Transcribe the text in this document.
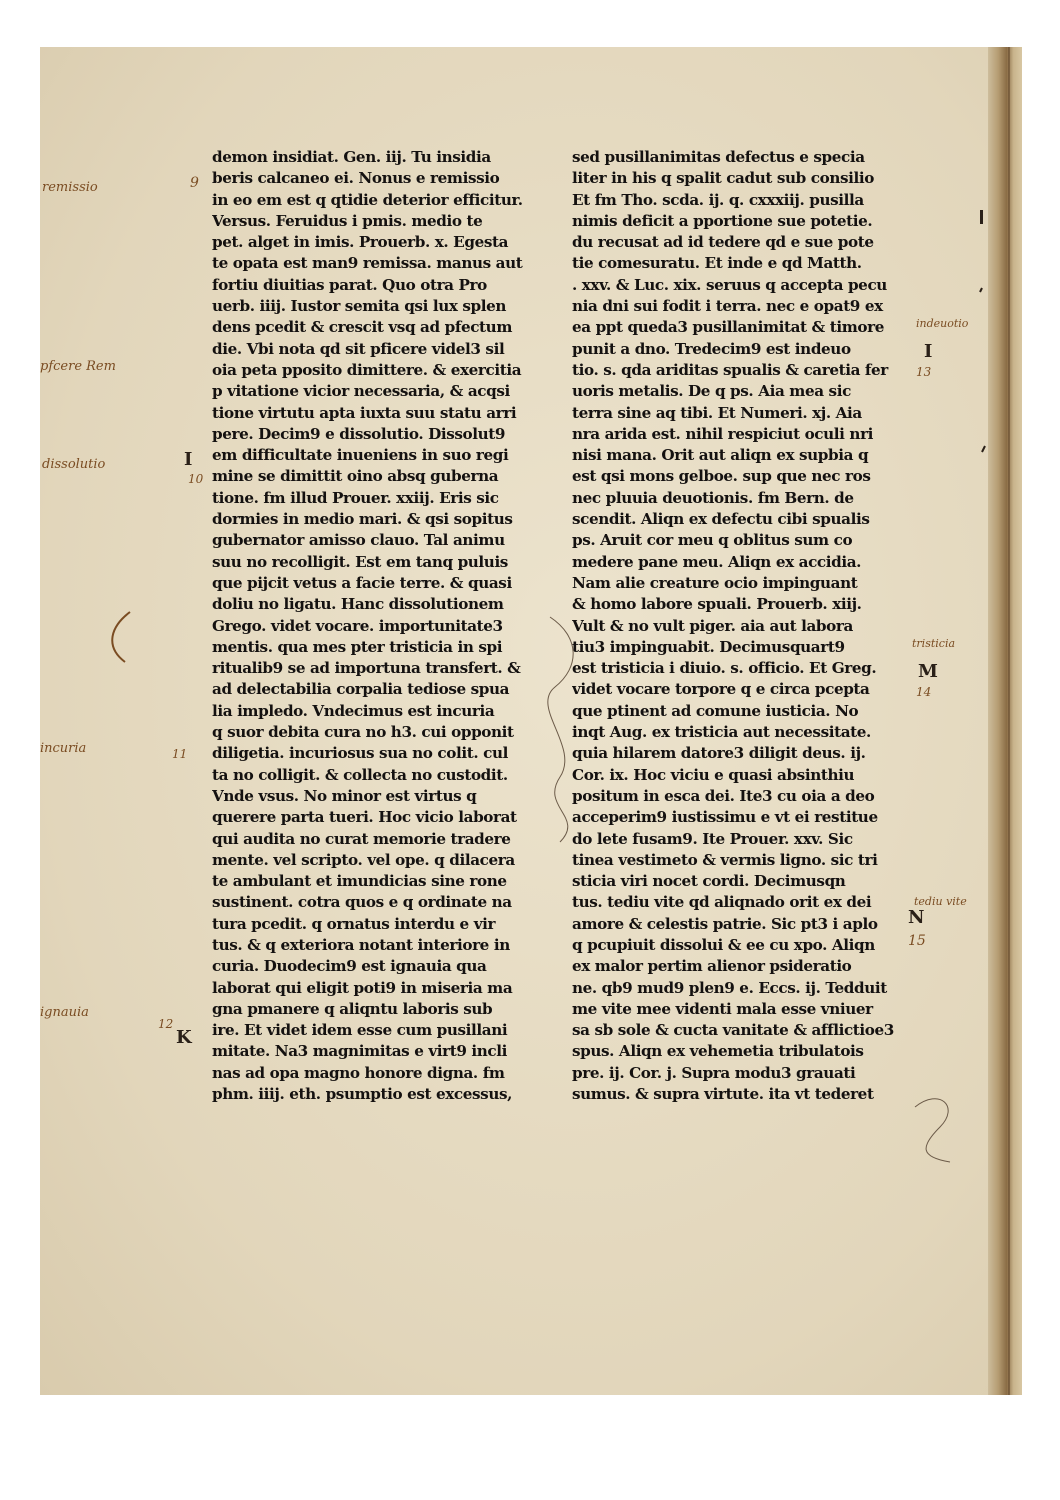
demon insidiat. Gen. iij. Tu insidia
beris calcaneo ei. Nonus e remissio
in eo em est q qtidie deterior efficitur.
Versus. Feruidus i pmis. medio te
pet. alget in imis. Prouerb. x. Egesta
te opata est man9 remissa. manus aut
fortiu diuitias parat. Quo otra Pro
uerb. iiij. Iustor semita qsi lux splen
dens pcedit & crescit vsq ad pfectum
die. Vbi nota qd sit pficere videl3 sil
oia peta pposito dimittere. & exercitia
p vitatione vicior necessaria, & acqsi
tione virtutu apta iuxta suu statu arri
pere. Decim9 e dissolutio. Dissolut9
em difficultate inueniens in suo regi
mine se dimittit oino absq guberna
tione. fm illud Prouer. xxiij. Eris sic
dormies in medio mari. & qsi sopitus
gubernator amisso clauo. Tal animu
suu no recolligit. Est em tanq puluis
que pijcit vetus a facie terre. & quasi
doliu no ligatu. Hanc dissolutionem
Grego. videt vocare. importunitate3
mentis. qua mes pter tristicia in spi
ritualib9 se ad importuna transfert. &
ad delectabilia corpalia tediose spua
lia impledo. Vndecimus est incuria
q suor debita cura no h3. cui opponit
diligetia. incuriosus sua no colit. cul
ta no colligit. & collecta no custodit.
Vnde vsus. No minor est virtus q
querere parta tueri. Hoc vicio laborat
qui audita no curat memorie tradere
mente. vel scripto. vel ope. q dilacera
te ambulant et imundicias sine rone
sustinent. cotra quos e q ordinate na
tura pcedit. q ornatus interdu e vir
tus. & q exteriora notant interiore in
curia. Duodecim9 est ignauia qua
laborat qui eligit poti9 in miseria ma
gna pmanere q aliqntu laboris sub
ire. Et videt idem esse cum pusillani
mitate. Na3 magnimitas e virt9 incli
nas ad opa magno honore digna. fm
phm. iiij. eth. psumptio est excessus,
sed pusillanimitas defectus e specia
liter in his q spalit cadut sub consilio
Et fm Tho. scda. ij. q. cxxxiij. pusilla
nimis deficit a pportione sue potetie.
du recusat ad id tedere qd e sue pote
tie comesuratu. Et inde e qd Matth.
. xxv. & Luc. xix. seruus q accepta pecu
nia dni sui fodit i terra. nec e opat9 ex
ea ppt queda3 pusillanimitat & timore
punit a dno. Tredecim9 est indeuo
tio. s. qda ariditas spualis & caretia fer
uoris metalis. De q ps. Aia mea sic
terra sine aq tibi. Et Numeri. xj. Aia
nra arida est. nihil respiciut oculi nri
nisi mana. Orit aut aliqn ex supbia q
est qsi mons gelboe. sup que nec ros
nec pluuia deuotionis. fm Bern. de
scendit. Aliqn ex defectu cibi spualis
ps. Aruit cor meu q oblitus sum co
medere pane meu. Aliqn ex accidia.
Nam alie creature ocio impinguant
& homo labore spuali. Prouerb. xiij.
Vult & no vult piger. aia aut labora
tiu3 impinguabit. Decimusquart9
est tristicia i diuio. s. officio. Et Greg.
videt vocare torpore q e circa pcepta
que ptinent ad comune iusticia. No
inqt Aug. ex tristicia aut necessitate.
quia hilarem datore3 diligit deus. ij.
Cor. ix. Hoc viciu e quasi absinthiu
positum in esca dei. Ite3 cu oia a deo
acceperim9 iustissimu e vt ei restitue
do lete fusam9. Ite Prouer. xxv. Sic
tinea vestimeto & vermis ligno. sic tri
sticia viri nocet cordi. Decimusqn
tus. tediu vite qd aliqnado orit ex dei
amore & celestis patrie. Sic pt3 i aplo
q pcupiuit dissolui & ee cu xpo. Aliqn
ex malor pertim alienor psideratio
ne. qb9 mud9 plen9 e. Eccs. ij. Tedduit
me vite mee videnti mala esse vniuer
sa sb sole & cucta vanitate & afflictioe3
spus. Aliqn ex vehemetia tribulatois
pre. ij. Cor. j. Supra modu3 grauati
sumus. & supra virtute. ita vt tederet
remissio
pfcere Rem
dissolutio
incuria
ignauia
indeuotio
tristicia
tediu vite
9
10
11
12
13
14
15
I
K
I
M
N
